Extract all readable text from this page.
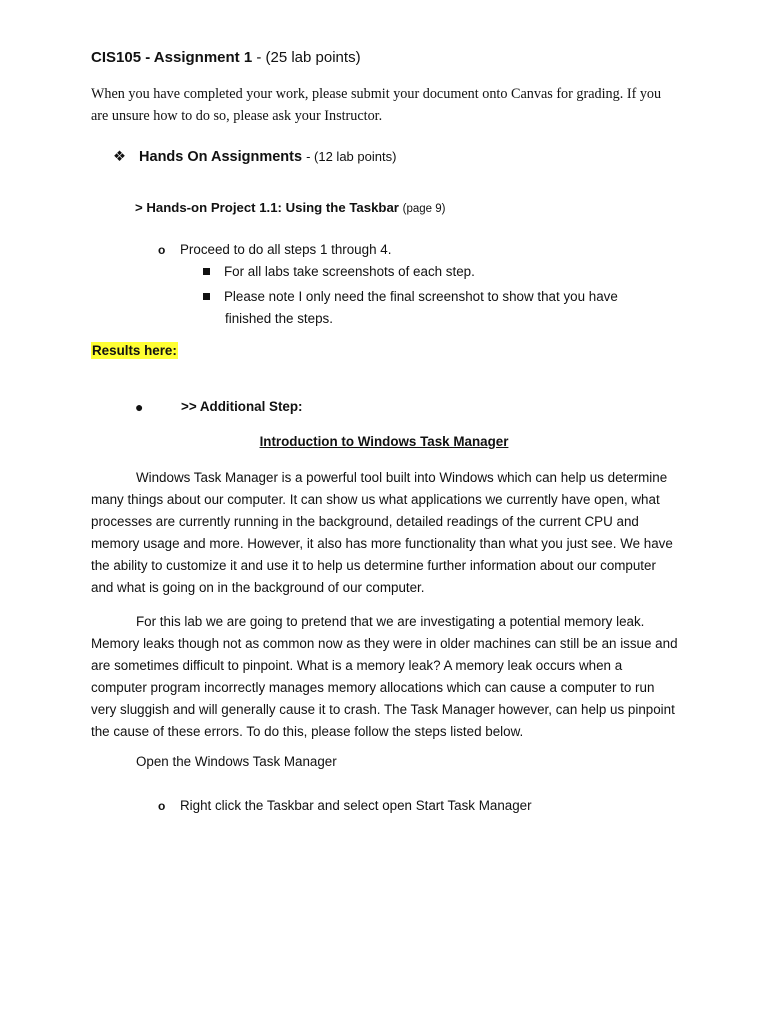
CIS105 - Assignment 1 - (25 lab points)
When you have completed your work, please submit your document onto Canvas for grading. If you are unsure how to do so, please ask your Instructor.
❖ Hands On Assignments - (12 lab points)
> Hands-on Project 1.1: Using the Taskbar (page 9)
o Proceed to do all steps 1 through 4.
For all labs take screenshots of each step.
Please note I only need the final screenshot to show that you have
finished the steps.
Results here:
●	>> Additional Step:
Introduction to Windows Task Manager

Windows Task Manager is a powerful tool built into Windows which can help us determine many things about our computer. It can show us what applications we currently have open, what processes are currently running in the background, detailed readings of the current CPU and memory usage and more. However, it also has more functionality than what you just see. We have the ability to customize it and use it to help us determine further information about our computer and what is going on in the background of our computer.

For this lab we are going to pretend that we are investigating a potential memory leak. Memory leaks though not as common now as they were in older machines can still be an issue and are sometimes difficult to pinpoint. What is a memory leak? A memory leak occurs when a computer program incorrectly manages memory allocations which can cause a computer to run very sluggish and will generally cause it to crash. The Task Manager however, can help us pinpoint the cause of these errors. To do this, please follow the steps listed below.

Open the Windows Task Manager
o Right click the Taskbar and select open Start Task Manager
